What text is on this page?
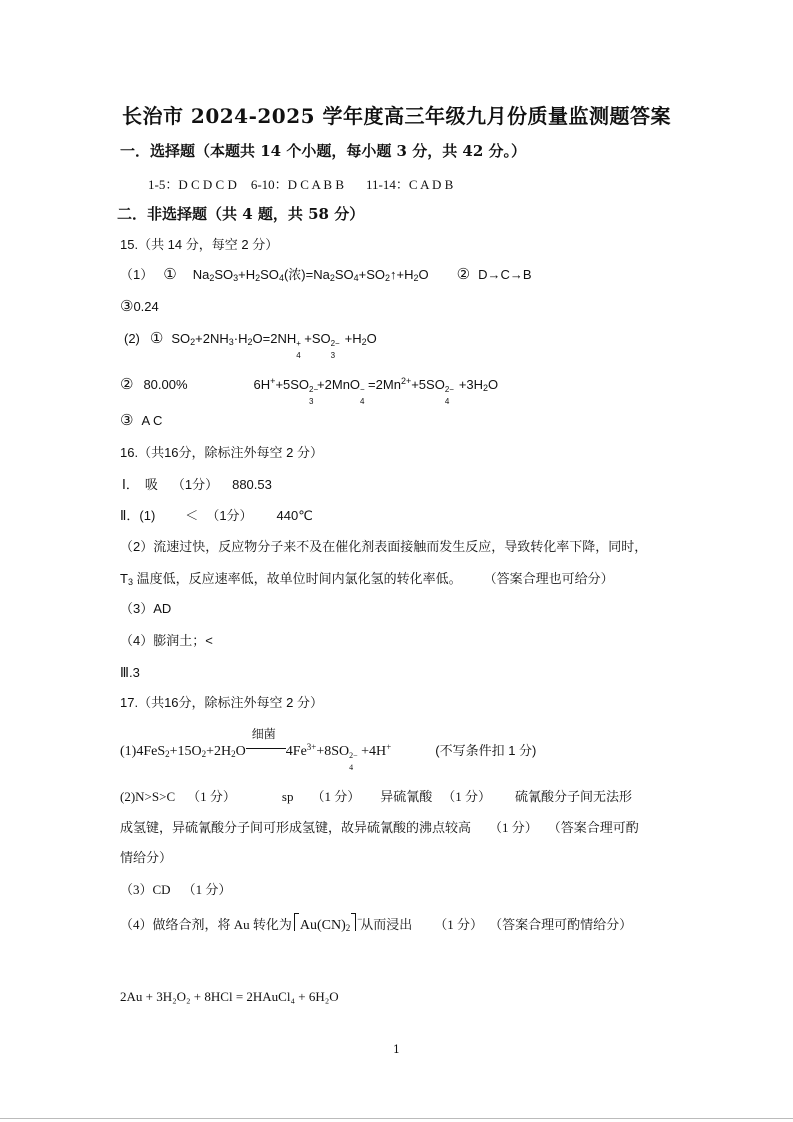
长治市 2024-2025 学年度高三年级九月份质量监测题答案
一．选择题（本题共 14 个小题，每小题 3 分，共 42 分。）
1-5：D C D C D 6-10：D C A B B 11-14：C A D B
二．非选择题（共 4 题，共 58 分）
15.（共 14 分，每空 2 分）
（1） ① $Na_2SO_3+H_2SO_4$(浓)$=Na_2SO_4+SO_2↑+H_2O$ ② D→C→B
③0.24
(2) ① $SO_2+2NH_3\cdot H_2O=2NH$ +
4
+SO 2−
3
$+H_2O$
② 80.00%	6H++5SO 2−
3
+2MnO −
4
$=2Mn^{2+}+5SO$ 2−
4
$+3H_2O$
③ A C
16.（共16分，除标注外每空 2 分）
Ⅰ． 吸 （1分） 880.53
Ⅱ．(1) ＜ （1分） 440℃
（2）流速过快，反应物分子来不及在催化剂表面接触而发生反应，导致转化率下降，同时，
$T_3$ 温度低，反应速率低，故单位时间内氯化氢的转化率低。 （答案合理也可给分）
（3）AD
（4）膨润土；<
Ⅲ.3
17.（共16分，除标注外每空 2 分）
$(1)4FeS_2+15O_2+2H_2O$
细菌
$4Fe^{3+}+8SO$ 2−
4
+4H+	(不写条件扣 1 分)
(2)N>S>C （1 分）	sp （1 分） 异硫氰酸 （1 分） 硫氰酸分子间无法形
成氢键，异硫氰酸分子间可形成氢键，故异硫氰酸的沸点较高 （1 分） （答案合理可酌
情给分）
（3）CD （1 分）
（4）做络合剂，将 Au 转化为 $Au(CN)_2$
−
从而浸出 （1 分） （答案合理可酌情给分）
2Au + 3H₂O₂ + 8HCl = 2HAuCl₄ + 6H₂O
1
